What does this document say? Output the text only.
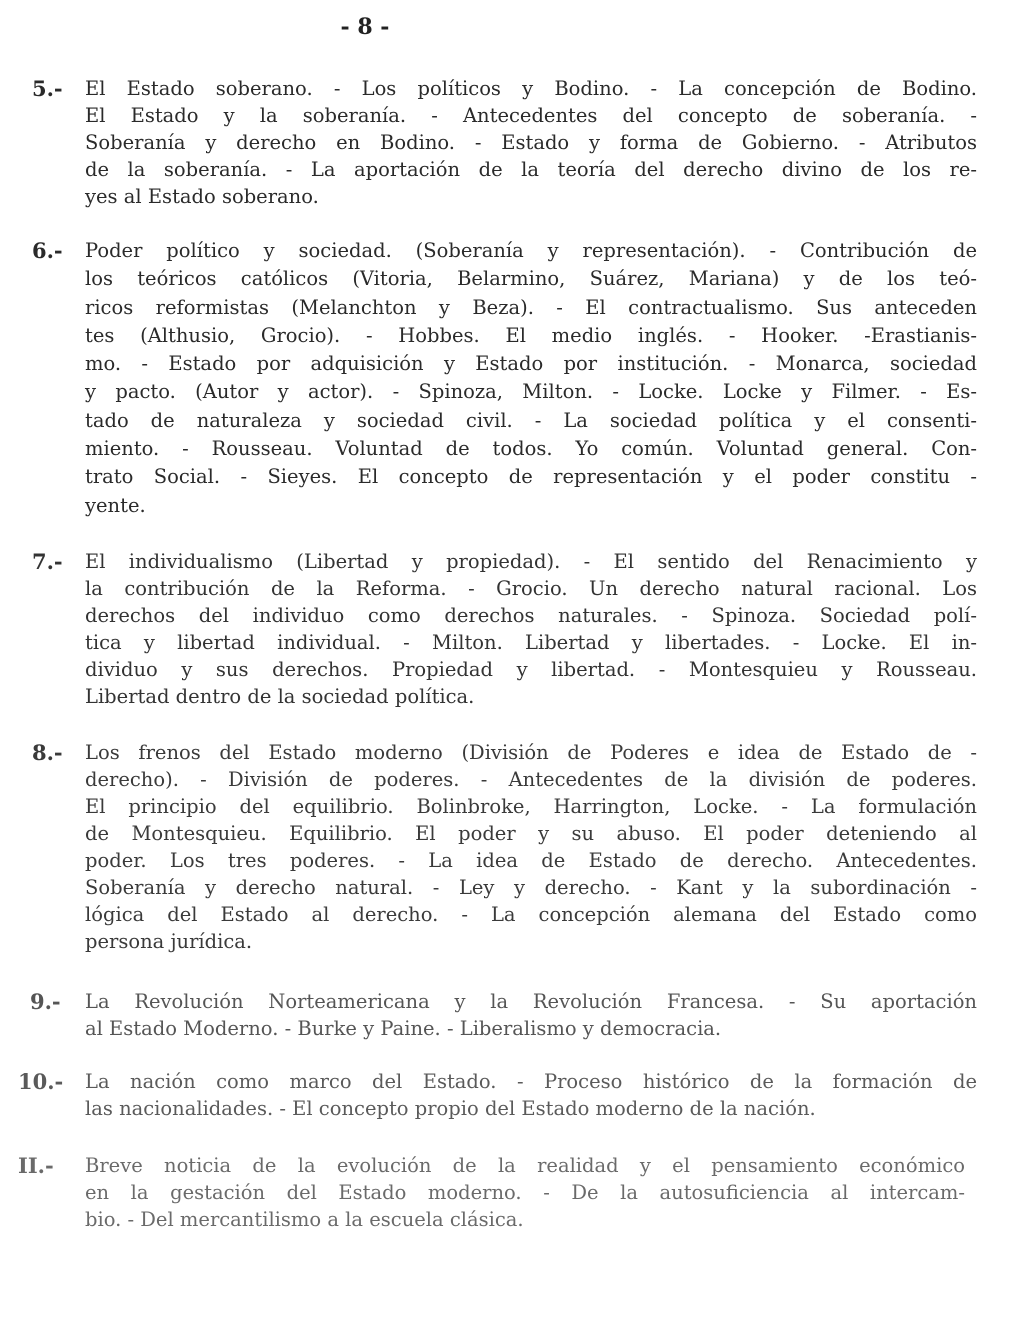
- 8 -
5.- El Estado soberano. - Los políticos y Bodino. - La concepción de Bodino.
El Estado y la soberanía. - Antecedentes del concepto de soberanía. -
Soberanía y derecho en Bodino. - Estado y forma de Gobierno. - Atributos
de la soberanía. - La aportación de la teoría del derecho divino de los re-
yes al Estado soberano.
6.- Poder político y sociedad. (Soberanía y representación). - Contribución de
los teóricos católicos (Vitoria, Belarmino, Suárez, Mariana) y de los teó-
ricos reformistas (Melanchton y Beza). - El contractualismo. Sus anteceden
tes (Althusio, Grocio). - Hobbes. El medio inglés. - Hooker. -Erastianis-
mo. - Estado por adquisición y Estado por institución. - Monarca, sociedad
y pacto. (Autor y actor). - Spinoza, Milton. - Locke. Locke y Filmer. - Es-
tado de naturaleza y sociedad civil. - La sociedad política y el consenti-
miento. - Rousseau. Voluntad de todos. Yo común. Voluntad general. Con-
trato Social. - Sieyes. El concepto de representación y el poder constitu -
yente.
7.- El individualismo (Libertad y propiedad). - El sentido del Renacimiento y
la contribución de la Reforma. - Grocio. Un derecho natural racional. Los
derechos del individuo como derechos naturales. - Spinoza. Sociedad polí-
tica y libertad individual. - Milton. Libertad y libertades. - Locke. El in-
dividuo y sus derechos. Propiedad y libertad. - Montesquieu y Rousseau.
Libertad dentro de la sociedad política.
8.- Los frenos del Estado moderno (División de Poderes e idea de Estado de -
derecho). - División de poderes. - Antecedentes de la división de poderes.
El principio del equilibrio. Bolinbroke, Harrington, Locke. - La formulación
de Montesquieu. Equilibrio. El poder y su abuso. El poder deteniendo al
poder. Los tres poderes. - La idea de Estado de derecho. Antecedentes.
Soberanía y derecho natural. - Ley y derecho. - Kant y la subordinación -
lógica del Estado al derecho. - La concepción alemana del Estado como
persona jurídica.
9.- La Revolución Norteamericana y la Revolución Francesa. - Su aportación
al Estado Moderno. - Burke y Paine. - Liberalismo y democracia.
10.- La nación como marco del Estado. - Proceso histórico de la formación de
las nacionalidades. - El concepto propio del Estado moderno de la nación.
II.- Breve noticia de la evolución de la realidad y el pensamiento económico
en la gestación del Estado moderno. - De la autosuficiencia al intercam-
bio. - Del mercantilismo a la escuela clásica.
